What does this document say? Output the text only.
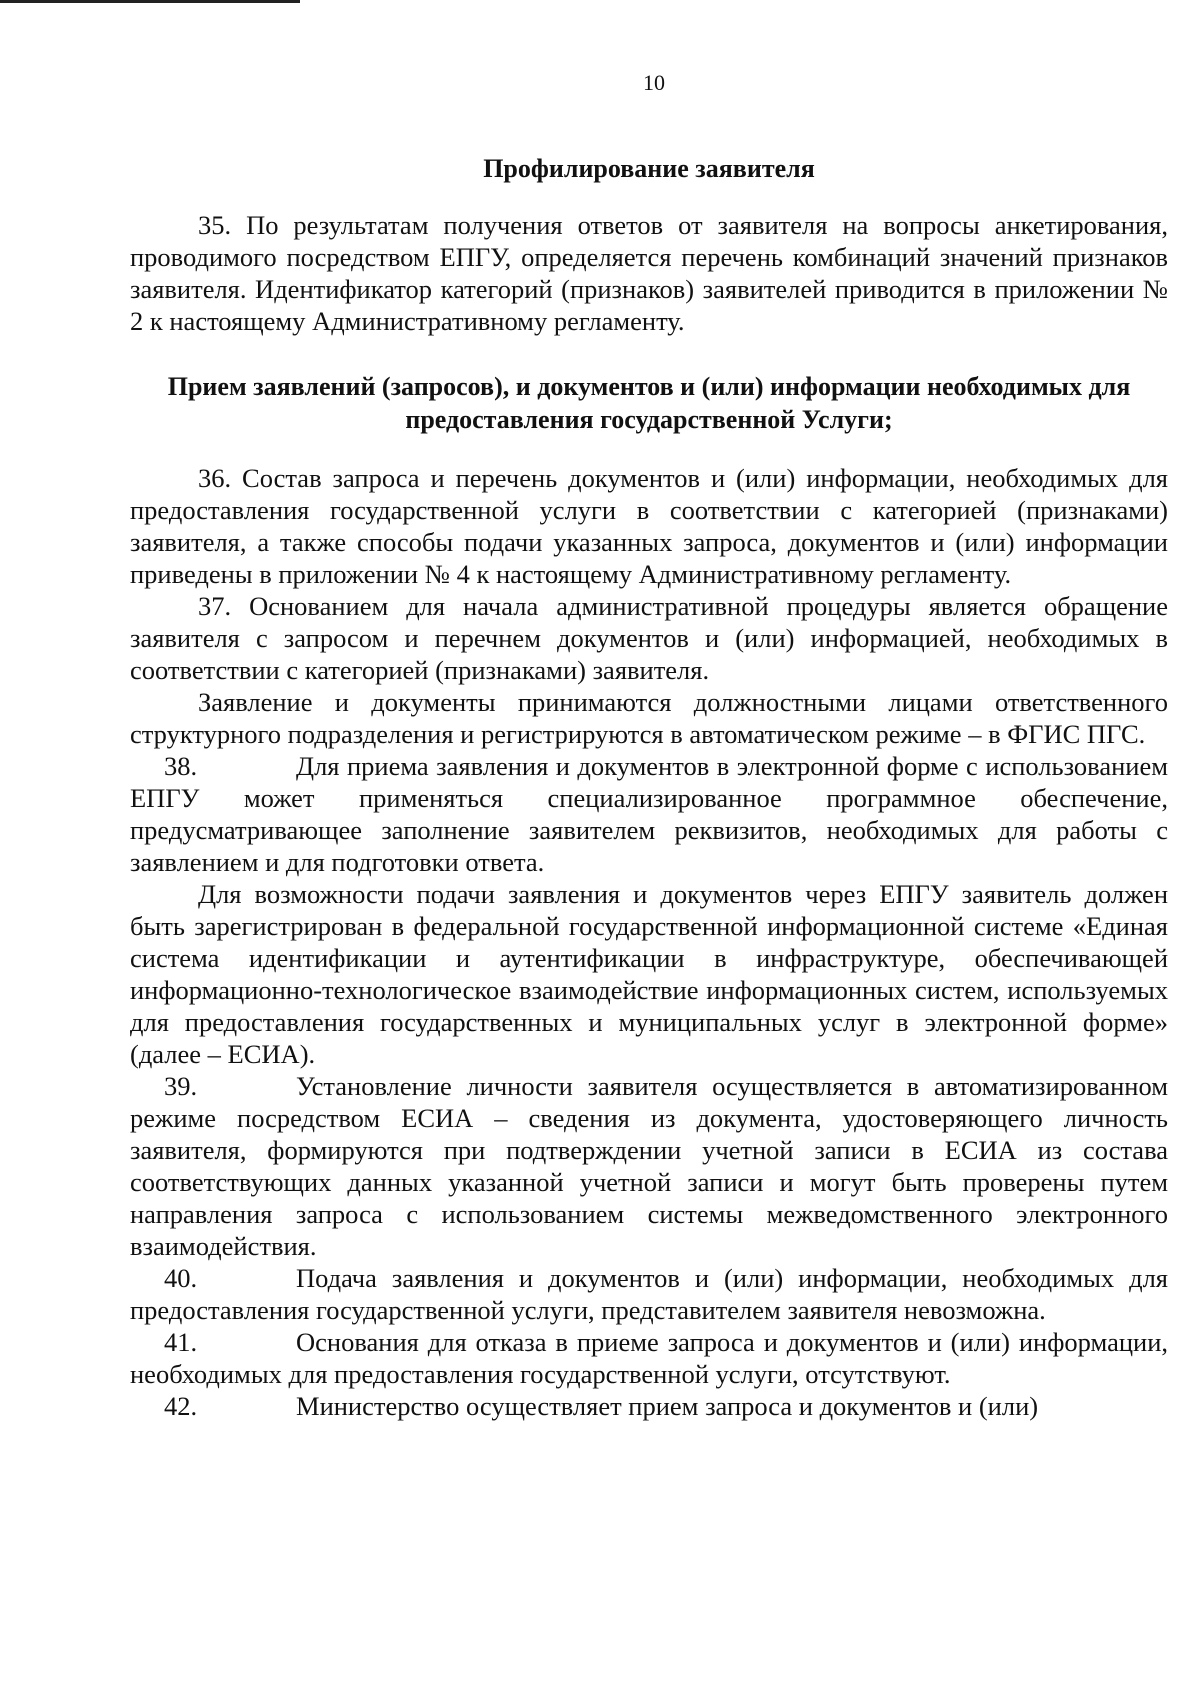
10
Профилирование заявителя

35. По результатам получения ответов от заявителя на вопросы анкетирования, проводимого посредством ЕПГУ, определяется перечень комбинаций значений признаков заявителя. Идентификатор категорий (признаков) заявителей приводится в приложении № 2 к настоящему Административному регламенту.

Прием заявлений (запросов), и документов и (или) информации необходимых для предоставления государственной Услуги;

36. Состав запроса и перечень документов и (или) информации, необходимых для предоставления государственной услуги в соответствии с категорией (признаками) заявителя, а также способы подачи указанных запроса, документов и (или) информации приведены в приложении № 4 к настоящему Административному регламенту.

37. Основанием для начала административной процедуры является обращение заявителя с запросом и перечнем документов и (или) информацией, необходимых в соответствии с категорией (признаками) заявителя.

Заявление и документы принимаются должностными лицами ответственного структурного подразделения и регистрируются в автоматическом режиме – в ФГИС ПГС.

38.	Для приема заявления и документов в электронной форме с использованием ЕПГУ может применяться специализированное программное обеспечение, предусматривающее заполнение заявителем реквизитов, необходимых для работы с заявлением и для подготовки ответа.

Для возможности подачи заявления и документов через ЕПГУ заявитель должен быть зарегистрирован в федеральной государственной информационной системе «Единая система идентификации и аутентификации в инфраструктуре, обеспечивающей информационно-технологическое взаимодействие информационных систем, используемых для предоставления государственных и муниципальных услуг в электронной форме» (далее – ЕСИА).

39.	Установление личности заявителя осуществляется в автоматизированном режиме посредством ЕСИА – сведения из документа, удостоверяющего личность заявителя, формируются при подтверждении учетной записи в ЕСИА из состава соответствующих данных указанной учетной записи и могут быть проверены путем направления запроса с использованием системы межведомственного электронного взаимодействия.

40.	Подача заявления и документов и (или) информации, необходимых для предоставления государственной услуги, представителем заявителя невозможна.

41.	Основания для отказа в приеме запроса и документов и (или) информации, необходимых для предоставления государственной услуги, отсутствуют.

42.	Министерство осуществляет прием запроса и документов и (или)
